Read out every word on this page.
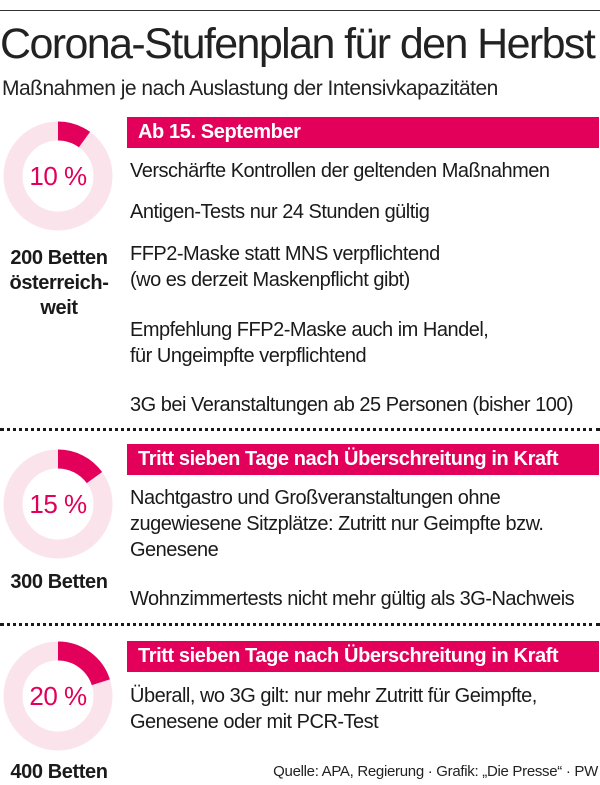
Corona-Stufenplan für den Herbst
Maßnahmen je nach Auslastung der Intensivkapazitäten
10 %
200 Betten österreich-weit
Ab 15. September
Verschärfte Kontrollen der geltenden Maßnahmen
Antigen-Tests nur 24 Stunden gültig
FFP2-Maske statt MNS verpflichtend
(wo es derzeit Maskenpflicht gibt)
Empfehlung FFP2-Maske auch im Handel,
für Ungeimpfte verpflichtend
3G bei Veranstaltungen ab 25 Personen (bisher 100)
15 %
300 Betten
Tritt sieben Tage nach Überschreitung in Kraft
Nachtgastro und Großveranstaltungen ohne
zugewiesene Sitzplätze: Zutritt nur Geimpfte bzw.
Genesene
Wohnzimmertests nicht mehr gültig als 3G-Nachweis
20 %
400 Betten
Tritt sieben Tage nach Überschreitung in Kraft
Überall, wo 3G gilt: nur mehr Zutritt für Geimpfte,
Genesene oder mit PCR-Test
Quelle: APA, Regierung · Grafik: „Die Presse“ · PW
